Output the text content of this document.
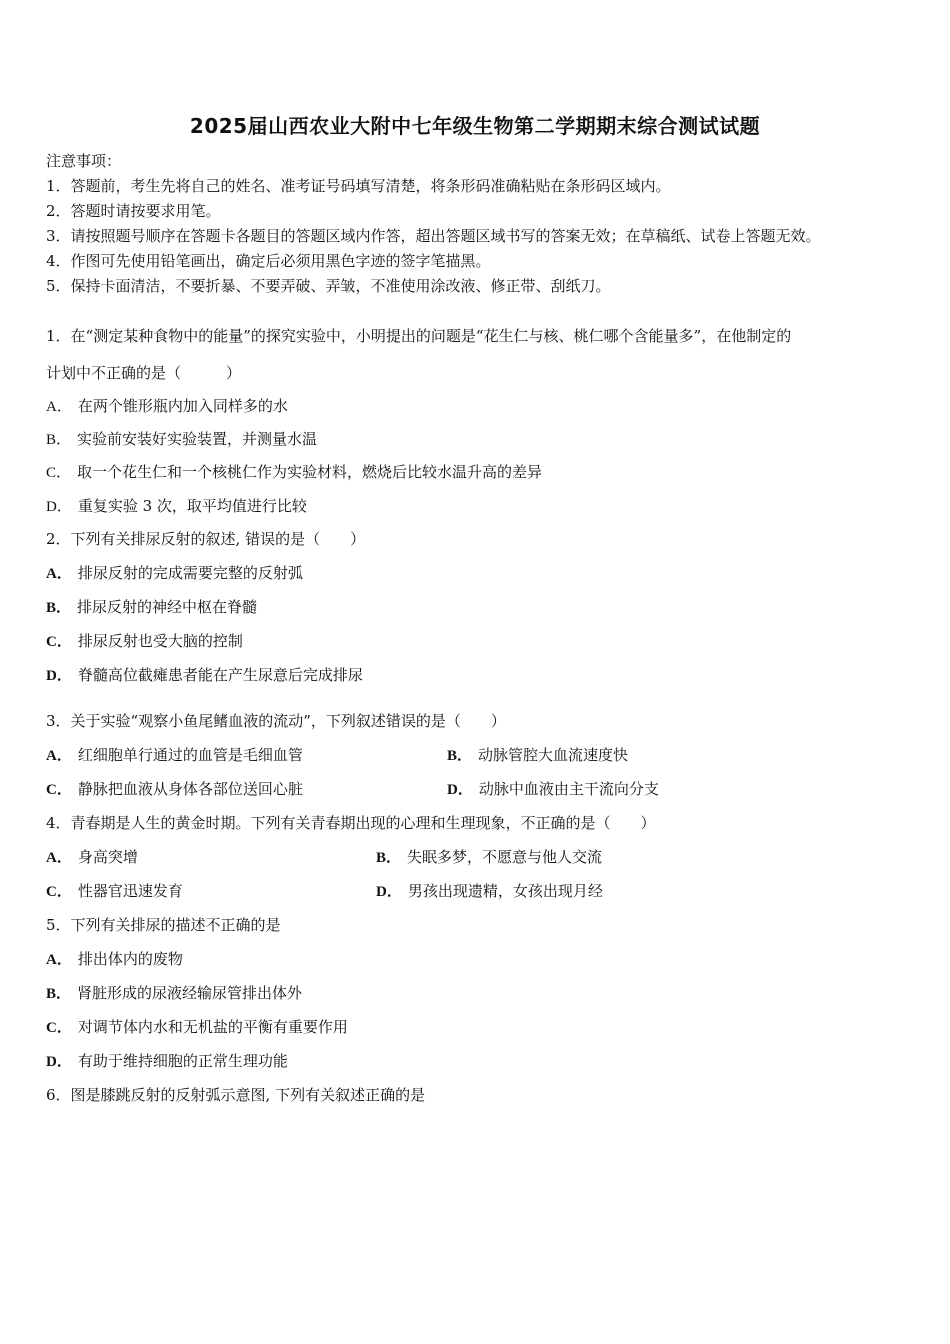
2025届山西农业大附中七年级生物第二学期期末综合测试试题
注意事项：
1．答题前，考生先将自己的姓名、准考证号码填写清楚，将条形码准确粘贴在条形码区域内。
2．答题时请按要求用笔。
3．请按照题号顺序在答题卡各题目的答题区域内作答，超出答题区域书写的答案无效；在草稿纸、试卷上答题无效。
4．作图可先使用铅笔画出，确定后必须用黑色字迹的签字笔描黑。
5．保持卡面清洁，不要折暴、不要弄破、弄皱，不准使用涂改液、修正带、刮纸刀。
1．在“测定某种食物中的能量”的探究实验中，小明提出的问题是“花生仁与核、桃仁哪个含能量多”，在他制定的
计划中不正确的是（　　　）
A． 在两个锥形瓶内加入同样多的水
B． 实验前安装好实验装置，并测量水温
C． 取一个花生仁和一个核桃仁作为实验材料，燃烧后比较水温升高的差异
D． 重复实验 3 次，取平均值进行比较
2．下列有关排尿反射的叙述, 错误的是（　　）
A． 排尿反射的完成需要完整的反射弧
B． 排尿反射的神经中枢在脊髓
C． 排尿反射也受大脑的控制
D． 脊髓高位截瘫患者能在产生尿意后完成排尿
3．关于实验“观察小鱼尾鳍血液的流动”，下列叙述错误的是（　　）
A． 红细胞单行通过的血管是毛细血管	B． 动脉管腔大血流速度快
C． 静脉把血液从身体各部位送回心脏	D． 动脉中血液由主干流向分支
4．青春期是人生的黄金时期。下列有关青春期出现的心理和生理现象，不正确的是（　　）
A． 身高突增	B． 失眠多梦，不愿意与他人交流
C． 性器官迅速发育	D． 男孩出现遗精，女孩出现月经
5．下列有关排尿的描述不正确的是
A． 排出体内的废物
B． 肾脏形成的尿液经输尿管排出体外
C． 对调节体内水和无机盐的平衡有重要作用
D． 有助于维持细胞的正常生理功能
6．图是膝跳反射的反射弧示意图, 下列有关叙述正确的是
